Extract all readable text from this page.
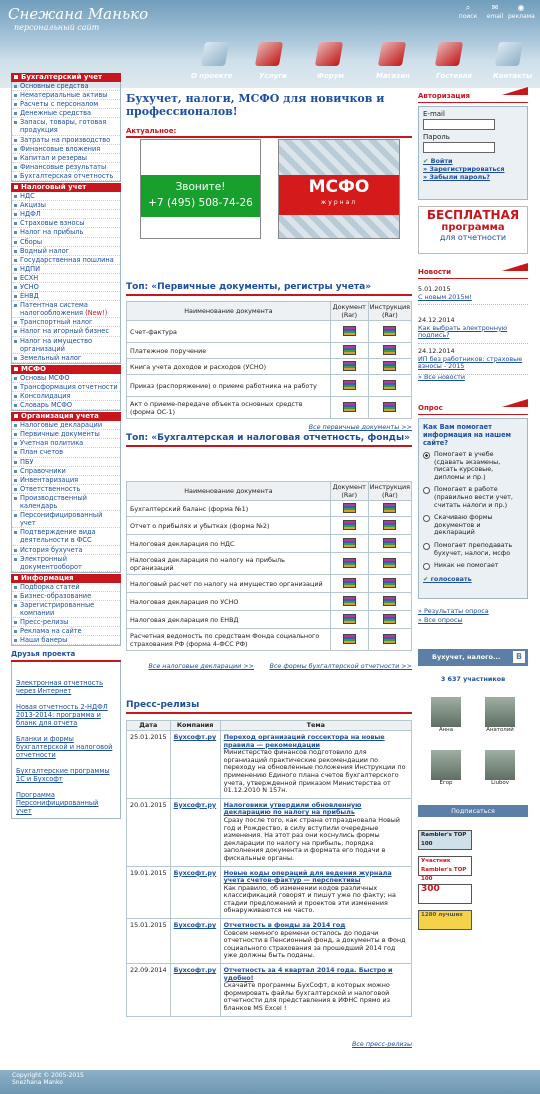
Снежана Манько
персональный сайт
⌕
поиск
✉
email
◉
реклама
О проекте	Услуги	Форум	Магазин	Гостевая	Контакты
Бухгалтерский учет
Основные средства
Нематериальные активы
Расчеты с персоналом
Денежные средства
Запасы, товары, готовая продукция
Затраты на производство
Финансовые вложения
Капитал и резервы
Финансовые результаты
Бухгалтерская отчетность
Налоговый учет
НДС
Акцизы
НДФЛ
Страховые взносы
Налог на прибыль
Сборы
Водный налог
Государственная пошлина
НДПИ
ЕСХН
УСНО
ЕНВД
Патентная система налогообложения (New!)
Транспортный налог
Налог на игорный бизнес
Налог на имущество организаций
Земельный налог
МСФО
Основы МСФО
Трансформация отчетности
Консолидация
Словарь МСФО
Организация учета
Налоговые декларации
Первичные документы
Учетная политика
План счетов
ПБУ
Справочники
Инвентаризация
Ответственность
Производственный календарь
Персонифицированный учет
Подтверждение вида деятельности в ФСС
История бухучета
Электронный документооборот
Информация
Подборка статей
Бизнес-образование
Зарегистрированные компании
Пресс-релизы
Реклама на сайте
Наши банеры
Друзья проекта
Электронная отчетность через Интернет
Новая отчетность 2-НДФЛ 2013-2014: программа и бланк для отчета
Бланки и формы бухгалтерской и налоговой отчетности
Бухгалтерские программы 1С и Бухсофт
Программа Персонифицированный учет
Бухучет, налоги, МСФО для новичков и профессионалов!
Актуальное:
Звоните!
+7 (495) 508-74-26
МСФО
журнал
Топ: «Первичные документы, регистры учета»
Наименование документа	Документ (Rar)	Инструкция (Rar)
Счет-фактура		
Платежное поручение		
Книга учета доходов и расходов (УСНО)		
Приказ (распоряжение) о приеме работника на работу		
Акт о приеме-передаче объекта основных средств (форма ОС-1)		
Все первичные документы >>
Топ: «Бухгалтерская и налоговая отчетность, фонды»
Наименование документа	Документ (Rar)	Инструкция (Rar)
Бухгалтерский баланс (форма №1)		
Отчет о прибылях и убытках (форма №2)		
Налоговая декларация по НДС		
Налоговая декларация по налогу на прибыль организаций		
Налоговый расчет по налогу на имущество организаций		
Налоговая декларация по УСНО		
Налоговая декларация по ЕНВД		
Расчетная ведомость по средствам Фонда социального страхования РФ (форма 4-ФСС РФ)		
Все налоговые декларации >> Все формы бухгалтерской отчетности >>
Пресс-релизы
Дата	Компания	Тема
25.01.2015	Бухсофт.ру	Переход организаций госсектора на новые правила — рекомендации
Министерство финансов подготовило для организаций практические рекомендации по переходу на обновленные положения Инструкции по применению Единого плана счетов бухгалтерского учета, утвержденной приказом Министерства от 01.12.2010 N 157н.
20.01.2015	Бухсофт.ру	Налоговики утвердили обновленную декларацию по налогу на прибыль
Сразу после того, как страна отпраздновала Новый год и Рождество, в силу вступили очередные изменения. На этот раз они коснулись формы декларации по налогу на прибыль, порядка заполнения документа и формата его подачи в фискальные органы.
19.01.2015	Бухсофт.ру	Новые коды операций для ведения журнала учета счетов-фактур — перспективы
Как правило, об изменении кодов различных классификаций говорят и пишут уже по факту; на стадии предложений и проектов эти изменения обнаруживаются не часто.
15.01.2015	Бухсофт.ру	Отчетность в фонды за 2014 год
Совсем немного времени осталось до подачи отчетности в Пенсионный фонд, а документы в Фонд социального страхования за прошедший 2014 год уже должны быть поданы.
22.09.2014	Бухсофт.ру	Отчетность за 4 квартал 2014 года. Быстро и удобно!
Скачайте программы БухСофт, в которых можно формировать файлы бухгалтерской и налоговой отчетности для представления в ИФНС прямо из бланков MS Excel !
Все пресс-релизы
Авторизация
E-mail
Пароль
✔ Войти
» Зарегистрироваться
» Забыли пароль?
БЕСПЛАТНАЯ
программа
для отчетности
Новости
5.01.2015
С новым 2015м!
24.12.2014
Как выбрать электронную подпись?
24.12.2014
ИП без работников: страховые взносы - 2015
» Все новости
Опрос
Как Вам помогает информация на нашем сайте?
Помогает в учебе (сдавать экзамены, писать курсовые, дипломы и пр.)
Помогает в работе (правильно вести учет, считать налоги и пр.)
Скачиваю формы документов и деклараций
Помогает преподавать бухучет, налоги, мсфо
Никак не помогает
✔ голосовать
» Результаты опроса
» Все опросы
Бухучет, налого...	B
3 637 участников
Анна	Анатолий
Егор	Liubov
Подписаться
Rambler's TOP 100
Участник Rambler's TOP 100
300
1280 лучших
Copyright © 2005-2015
Snezhana Manko
